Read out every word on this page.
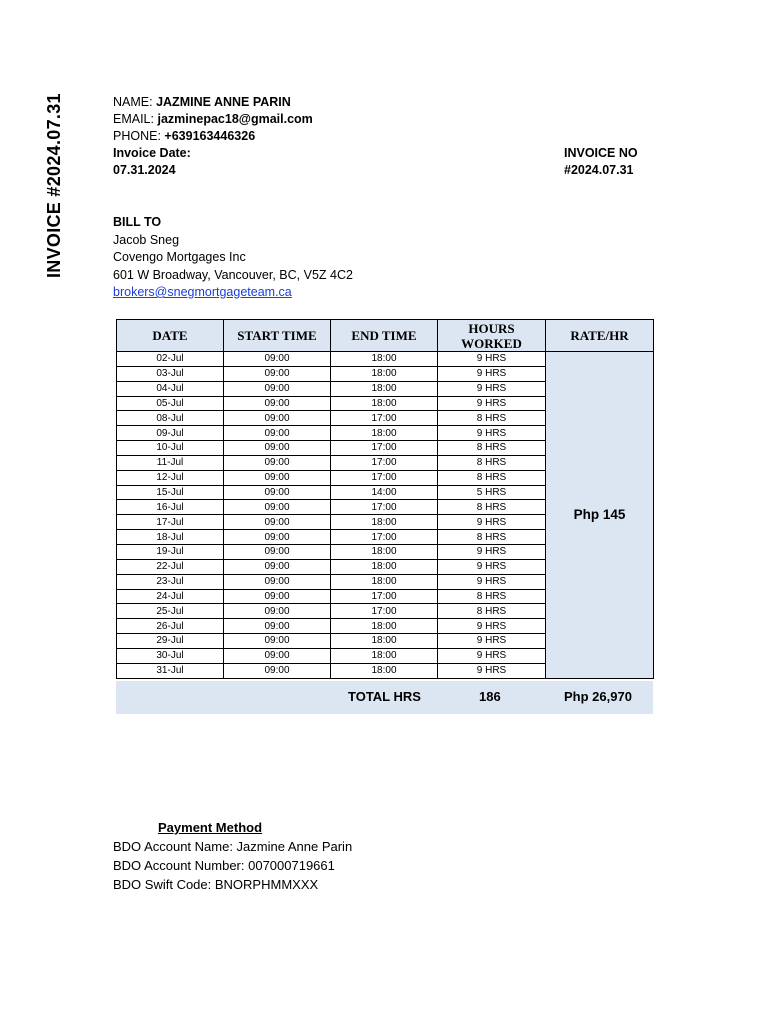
INVOICE #2024.07.31	NAME: JAZMINE ANNE PARIN
EMAIL: jazminepac18@gmail.com
PHONE: +639163446326
Invoice Date:
07.31.2024
INVOICE NO
#2024.07.31
BILL TO
Jacob Sneg
Covengo Mortgages Inc
601 W Broadway, Vancouver, BC, V5Z 4C2
brokers@snegmortgageteam.ca
DATE	START TIME	END TIME	HOURS WORKED	RATE/HR
02-Jul	09:00	18:00	9 HRS	Php 145
03-Jul	09:00	18:00	9 HRS	
04-Jul	09:00	18:00	9 HRS	
05-Jul	09:00	18:00	9 HRS	
08-Jul	09:00	17:00	8 HRS	
09-Jul	09:00	18:00	9 HRS	
10-Jul	09:00	17:00	8 HRS	
11-Jul	09:00	17:00	8 HRS	
12-Jul	09:00	17:00	8 HRS	
15-Jul	09:00	14:00	5 HRS	
16-Jul	09:00	17:00	8 HRS	
17-Jul	09:00	18:00	9 HRS	
18-Jul	09:00	17:00	8 HRS	
19-Jul	09:00	18:00	9 HRS	
22-Jul	09:00	18:00	9 HRS	
23-Jul	09:00	18:00	9 HRS	
24-Jul	09:00	17:00	8 HRS	
25-Jul	09:00	17:00	8 HRS	
26-Jul	09:00	18:00	9 HRS	
29-Jul	09:00	18:00	9 HRS	
30-Jul	09:00	18:00	9 HRS	
31-Jul	09:00	18:00	9 HRS	
TOTAL HRS	186	Php 26,970
Payment Method
BDO Account Name: Jazmine Anne Parin
BDO Account Number: 007000719661
BDO Swift Code: BNORPHMMXXX
